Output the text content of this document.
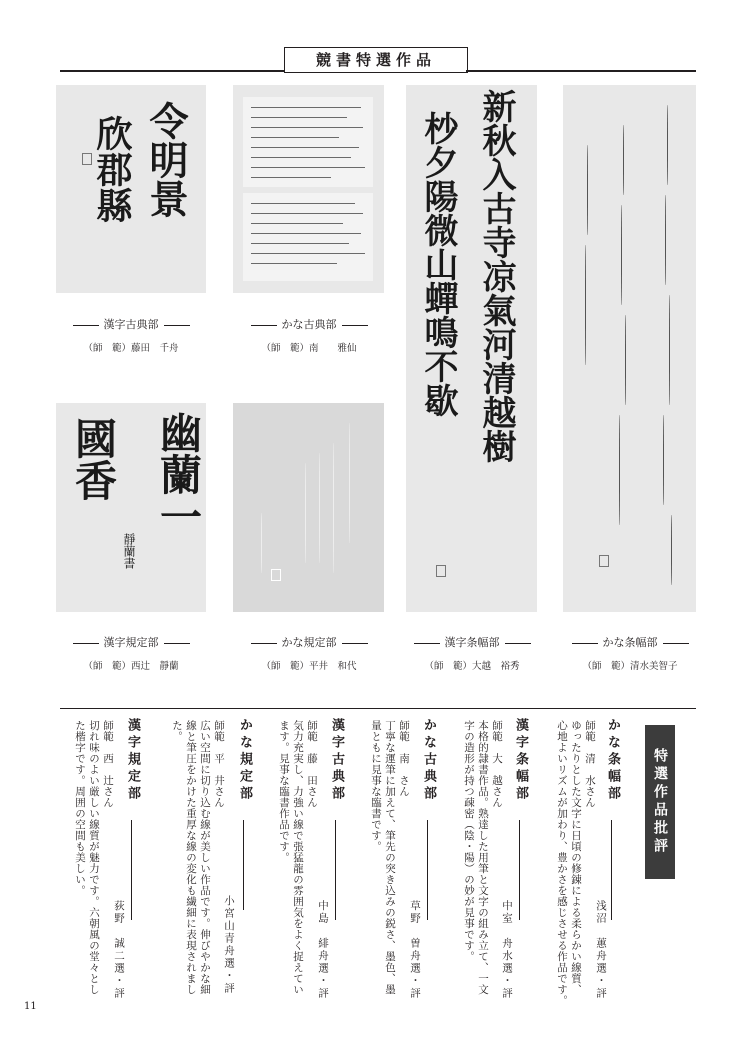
競書特選作品
令明景
欣郡縣
漢字古典部
（師　範）藤田　千舟
かな古典部
（師　範）南　　雅仙	新秋入古寺凉氣河清越樹
杪夕陽微山蟬鳴不歇
漢字条幅部
（師　範）大越　裕秀
かな条幅部
（師　範）清水美智子
幽蘭一
國香
靜蘭書
漢字規定部
（師　範）西辻　靜蘭
かな規定部
（師　範）平井　和代
特選作品批評
かな条幅部
師範　清　水さん
ゆったりとした文字に日頃の修錬による柔らかい線質、
心地よいリズムが加わり、豊かさを感じさせる作品です。	浅沼　蕙舟選・評
漢字条幅部
師範　大　越さん
本格的隷書作品。熟達した用筆と文字の組み立て、一文
字の造形が持つ疎密（陰・陽）の妙が見事です。 中室　舟水選・評
かな古典部
師範　南　さん
丁寧な運筆に加えて、筆先の突き込みの鋭さ、墨色、墨
量ともに見事な臨書です。
草野　曽舟選・評
漢字古典部
師範　藤　田さん
気力充実し、力強い線で張猛龍の雰囲気をよく捉えてい
ます。見事な臨書作品です。
中島　緋舟選・評
かな規定部
師範　平　井さん
広い空間に切り込む線が美しい作品です。伸びやかな細
線と筆圧をかけた重厚な線の変化も繊細に表現されまし
た。
小宮山青舟選・評
漢字規定部
師範　西　辻さん
切れ味のよい厳しい線質が魅力です。六朝風の堂々とし
た楷字です。周囲の空間も美しい。
荻野　誠二選・評
11
